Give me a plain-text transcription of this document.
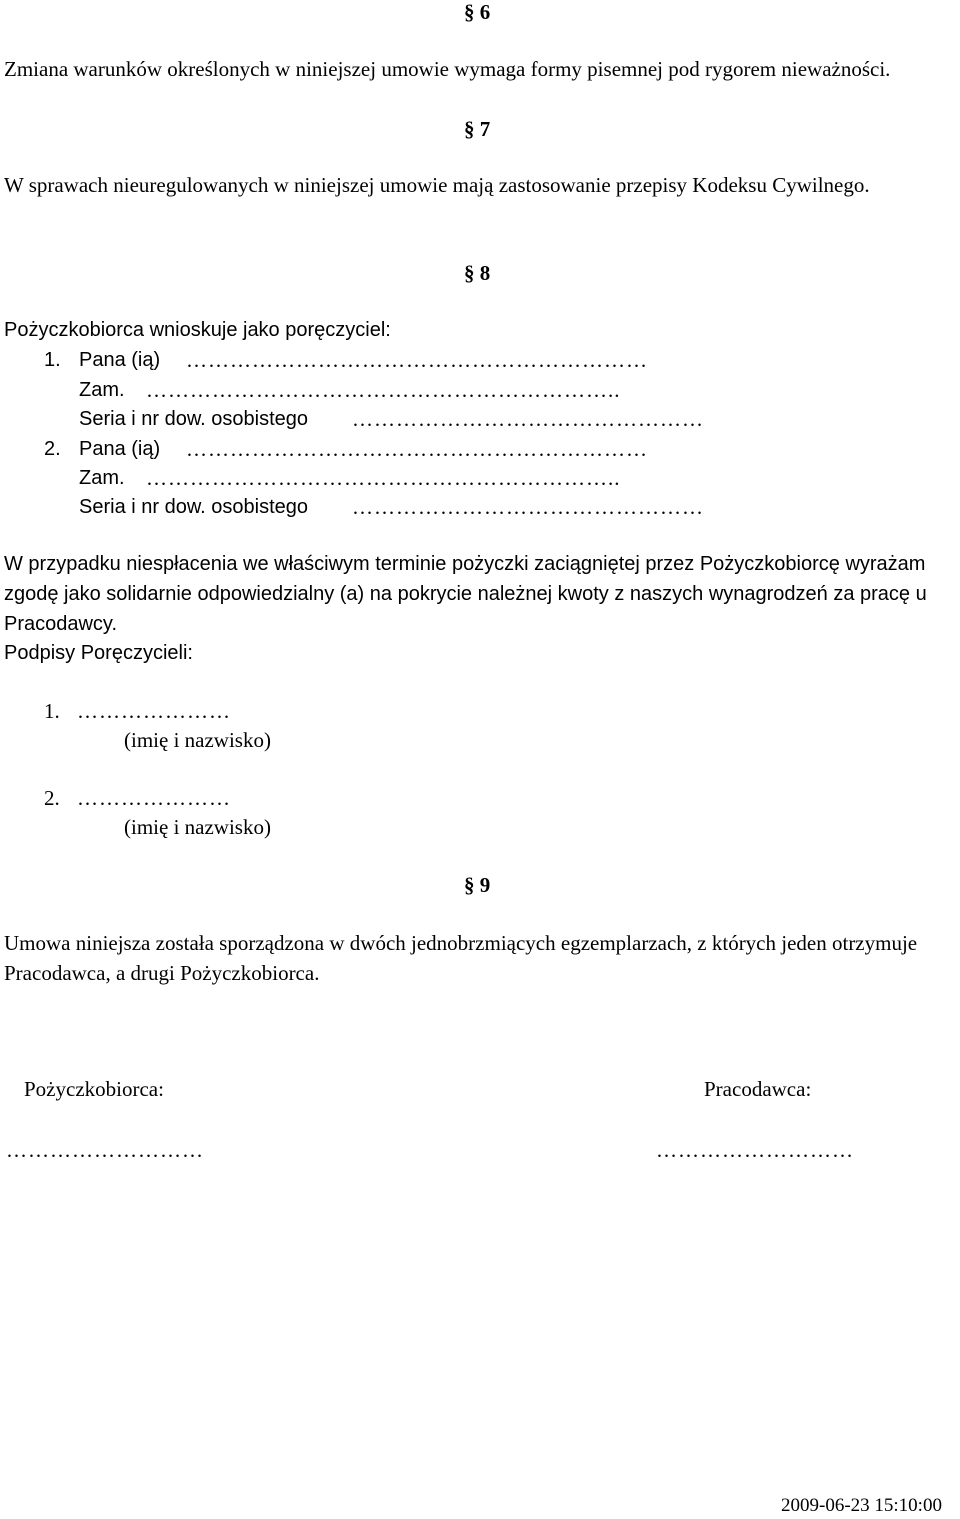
§ 6
Zmiana warunków określonych w niniejszej umowie wymaga formy pisemnej pod rygorem nieważności.
§ 7
W sprawach nieuregulowanych w niniejszej umowie mają zastosowanie przepisy Kodeksu Cywilnego.
§ 8
Pożyczkobiorca wnioskuje jako poręczyciel:
1. Pana (ią) ………………………………………………………
Zam. ………………………………………………………..
Seria i nr dow. osobistego …………………………………………
2. Pana (ią) ………………………………………………………
Zam. ………………………………………………………..
Seria i nr dow. osobistego …………………………………………
W przypadku niespłacenia we właściwym terminie pożyczki zaciągniętej przez Pożyczkobiorcę wyrażam zgodę jako solidarnie odpowiedzialny (a) na pokrycie należnej kwoty z naszych wynagrodzeń za pracę u Pracodawcy.
Podpisy Poręczycieli:
1. …………………
(imię i nazwisko)
2. …………………
(imię i nazwisko)
§ 9
Umowa niniejsza została sporządzona w dwóch jednobrzmiących egzemplarzach, z których jeden otrzymuje Pracodawca, a drugi Pożyczkobiorca.
Pożyczkobiorca:
………………………
Pracodawca:
………………………
2009-06-23 15:10:00
